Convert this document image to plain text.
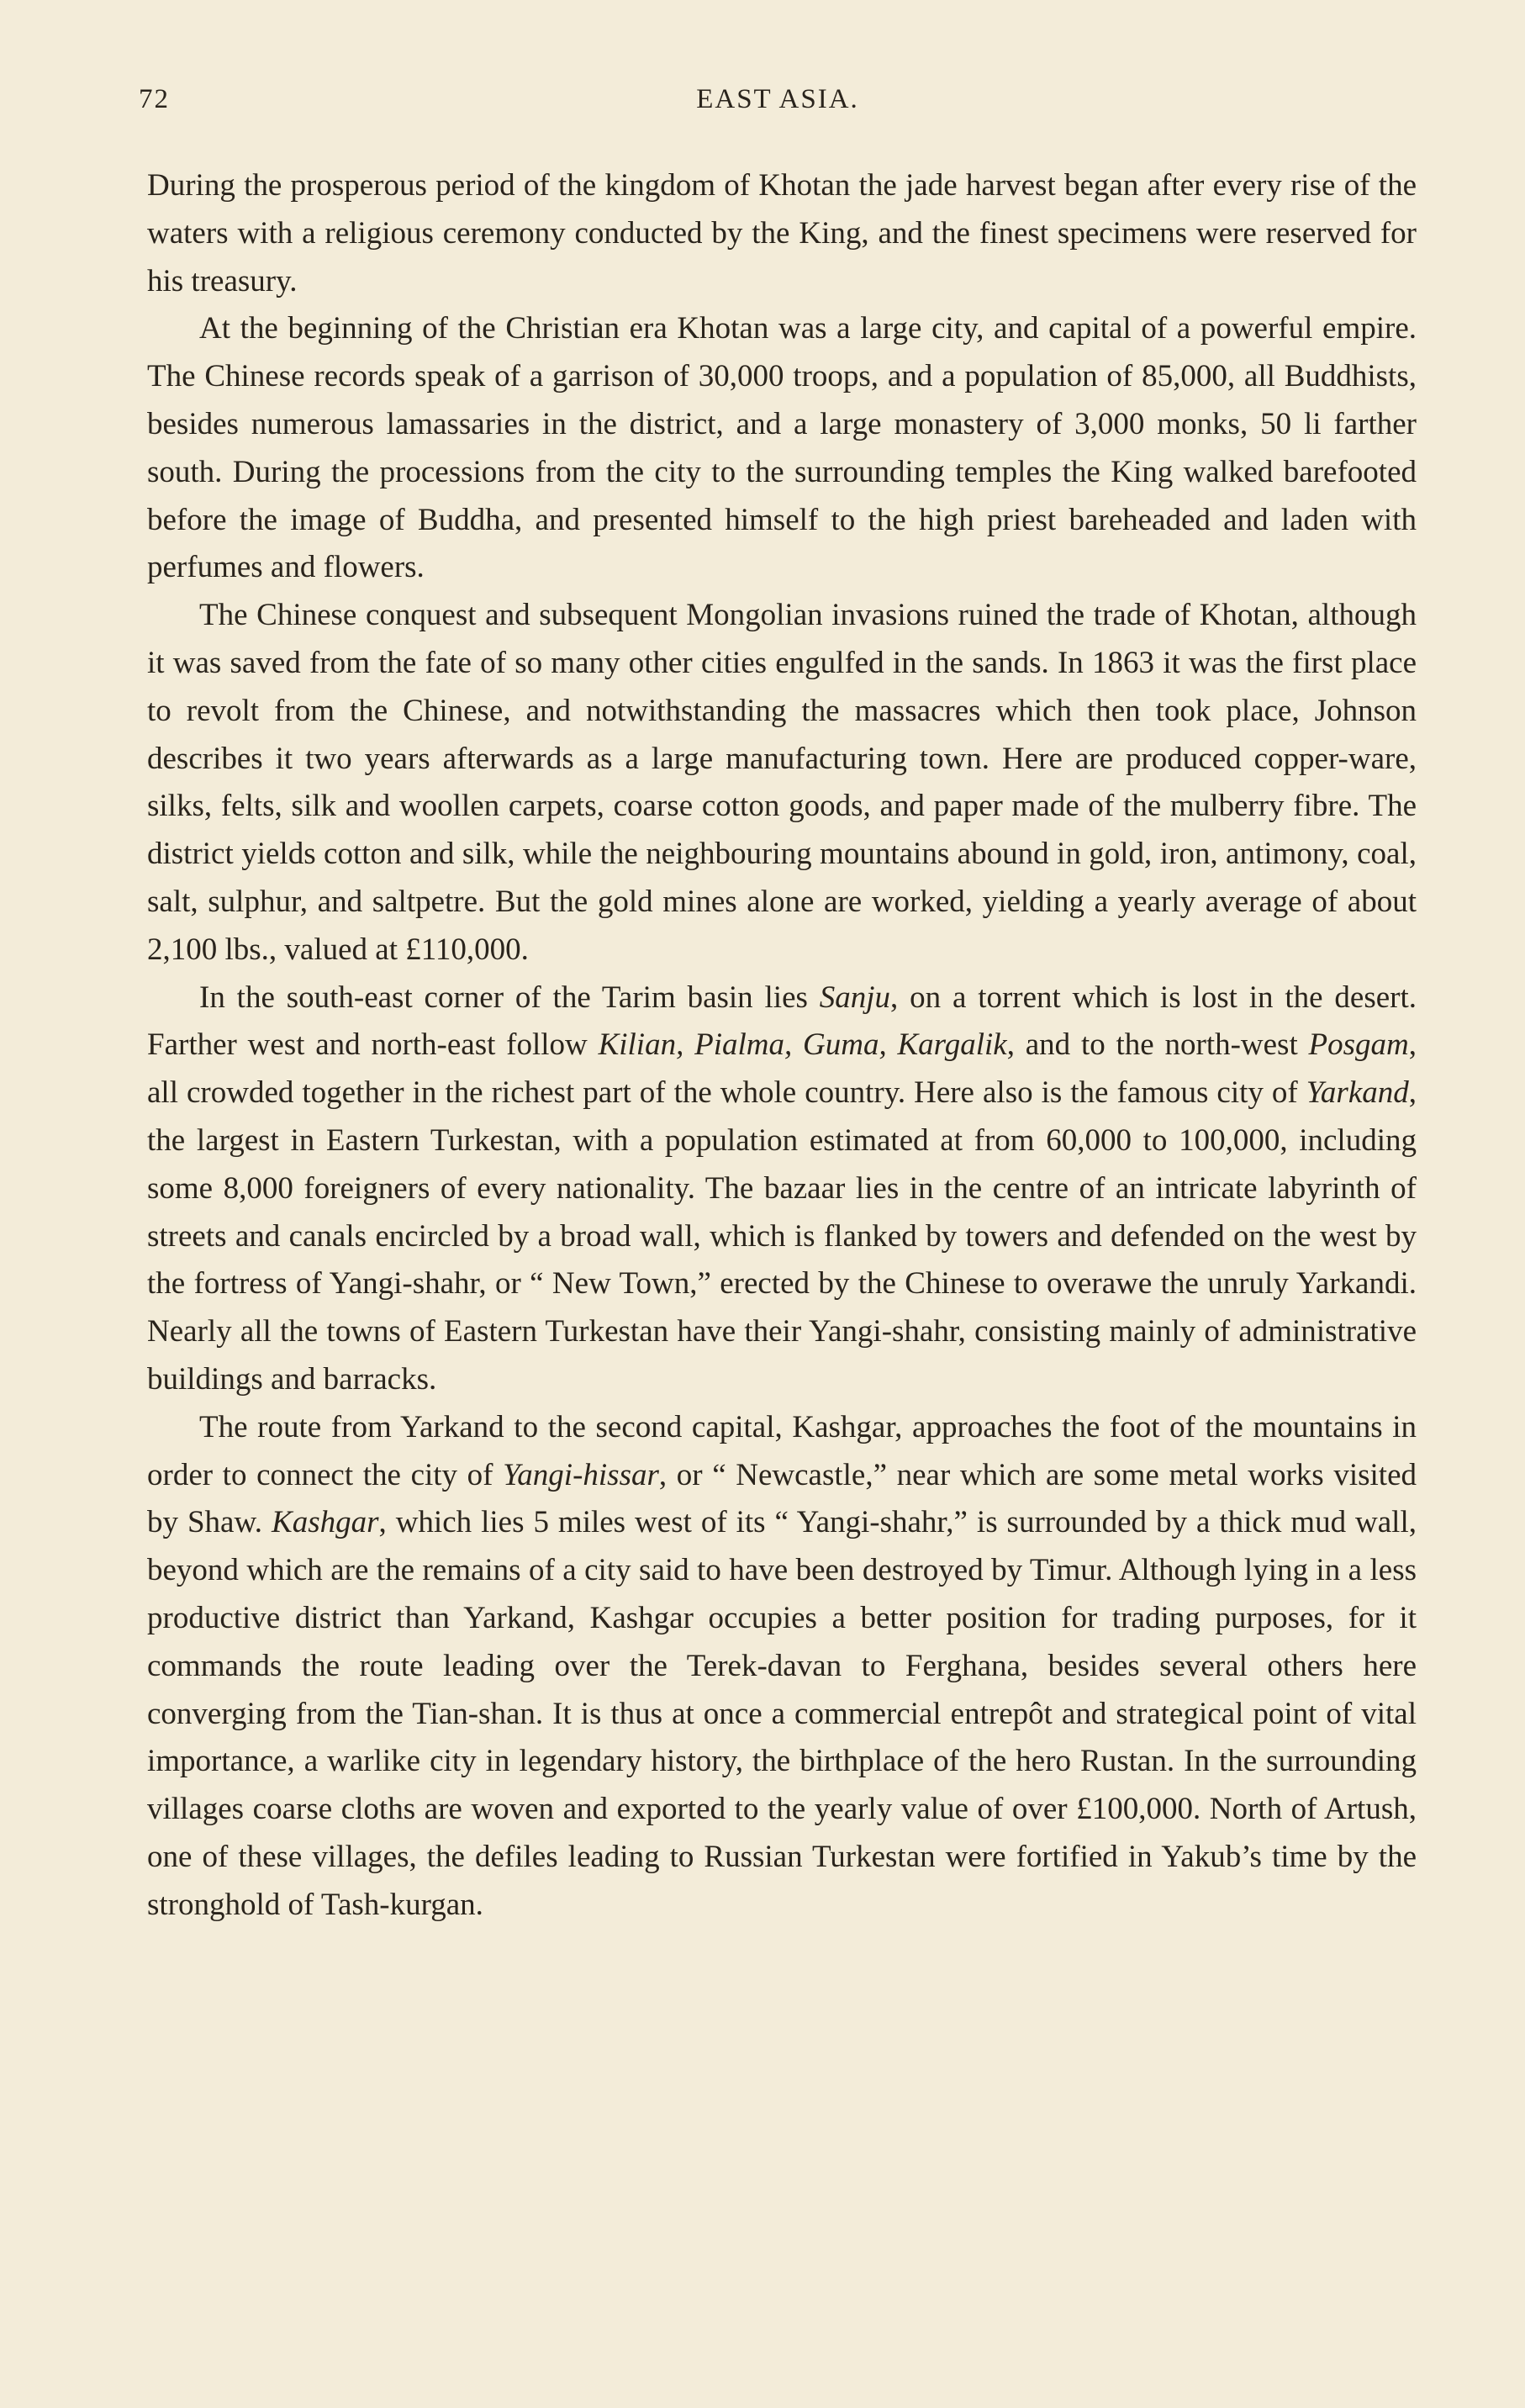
72	EAST ASIA.

During the prosperous period of the kingdom of Khotan the jade harvest began after every rise of the waters with a religious ceremony conducted by the King, and the finest specimens were reserved for his treasury.

At the beginning of the Christian era Khotan was a large city, and capital of a powerful empire. The Chinese records speak of a garrison of 30,000 troops, and a population of 85,000, all Buddhists, besides numerous lamassaries in the district, and a large monastery of 3,000 monks, 50 li farther south. During the processions from the city to the surrounding temples the King walked barefooted before the image of Buddha, and presented himself to the high priest bareheaded and laden with perfumes and flowers.

The Chinese conquest and subsequent Mongolian invasions ruined the trade of Khotan, although it was saved from the fate of so many other cities engulfed in the sands. In 1863 it was the first place to revolt from the Chinese, and notwithstanding the massacres which then took place, Johnson describes it two years afterwards as a large manufacturing town. Here are produced copper-ware, silks, felts, silk and woollen carpets, coarse cotton goods, and paper made of the mulberry fibre. The district yields cotton and silk, while the neighbouring mountains abound in gold, iron, antimony, coal, salt, sulphur, and saltpetre. But the gold mines alone are worked, yielding a yearly average of about 2,100 lbs., valued at £110,000.

In the south-east corner of the Tarim basin lies Sanju, on a torrent which is lost in the desert. Farther west and north-east follow Kilian, Pialma, Guma, Kargalik, and to the north-west Posgam, all crowded together in the richest part of the whole country. Here also is the famous city of Yarkand, the largest in Eastern Turkestan, with a population estimated at from 60,000 to 100,000, including some 8,000 foreigners of every nationality. The bazaar lies in the centre of an intricate labyrinth of streets and canals encircled by a broad wall, which is flanked by towers and defended on the west by the fortress of Yangi-shahr, or “ New Town,” erected by the Chinese to overawe the unruly Yarkandi. Nearly all the towns of Eastern Turkestan have their Yangi-shahr, consisting mainly of administrative buildings and barracks.

The route from Yarkand to the second capital, Kashgar, approaches the foot of the mountains in order to connect the city of Yangi-hissar, or “ Newcastle,” near which are some metal works visited by Shaw. Kashgar, which lies 5 miles west of its “ Yangi-shahr,” is surrounded by a thick mud wall, beyond which are the remains of a city said to have been destroyed by Timur. Although lying in a less productive district than Yarkand, Kashgar occupies a better position for trading purposes, for it commands the route leading over the Terek-davan to Ferghana, besides several others here converging from the Tian-shan. It is thus at once a commercial entrepôt and strategical point of vital importance, a warlike city in legendary history, the birthplace of the hero Rustan. In the surrounding villages coarse cloths are woven and exported to the yearly value of over £100,000. North of Artush, one of these villages, the defiles leading to Russian Turkestan were fortified in Yakub’s time by the stronghold of Tash-kurgan.
